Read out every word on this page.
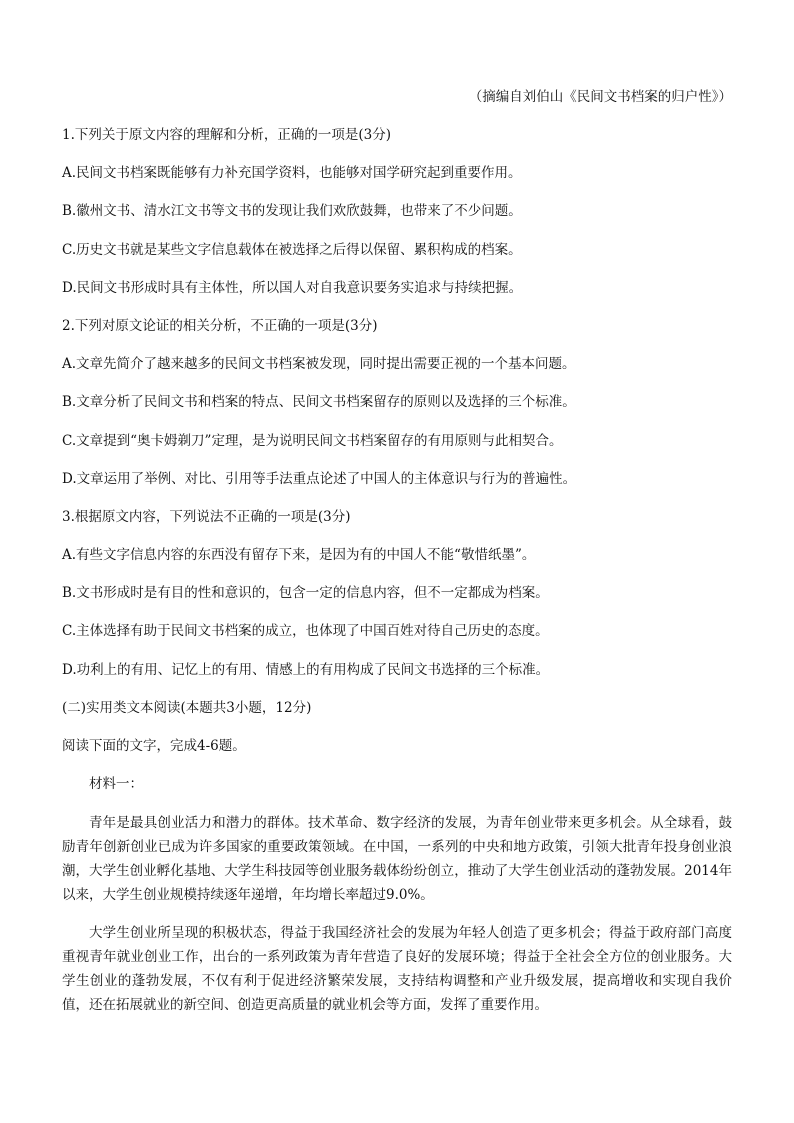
（摘编自刘伯山《民间文书档案的归户性》）

1.下列关于原文内容的理解和分析，正确的一项是(3分)

A.民间文书档案既能够有力补充国学资料，也能够对国学研究起到重要作用。

B.徽州文书、清水江文书等文书的发现让我们欢欣鼓舞，也带来了不少问题。

C.历史文书就是某些文字信息载体在被选择之后得以保留、累积构成的档案。

D.民间文书形成时具有主体性，所以国人对自我意识要务实追求与持续把握。

2.下列对原文论证的相关分析，不正确的一项是(3分)

A.文章先简介了越来越多的民间文书档案被发现，同时提出需要正视的一个基本问题。

B.文章分析了民间文书和档案的特点、民间文书档案留存的原则以及选择的三个标准。

C.文章提到“奥卡姆剃刀”定理，是为说明民间文书档案留存的有用原则与此相契合。

D.文章运用了举例、对比、引用等手法重点论述了中国人的主体意识与行为的普遍性。

3.根据原文内容，下列说法不正确的一项是(3分)

A.有些文字信息内容的东西没有留存下来，是因为有的中国人不能“敬惜纸墨”。

B.文书形成时是有目的性和意识的，包含一定的信息内容，但不一定都成为档案。

C.主体选择有助于民间文书档案的成立，也体现了中国百姓对待自己历史的态度。

D.功利上的有用、记忆上的有用、情感上的有用构成了民间文书选择的三个标准。

(二)实用类文本阅读(本题共3小题，12分)

阅读下面的文字，完成4-6题。

材料一：

青年是最具创业活力和潜力的群体。技术革命、数字经济的发展，为青年创业带来更多机会。从全球看，鼓励青年创新创业已成为许多国家的重要政策领域。在中国，一系列的中央和地方政策，引领大批青年投身创业浪潮，大学生创业孵化基地、大学生科技园等创业服务载体纷纷创立，推动了大学生创业活动的蓬勃发展。2014年以来，大学生创业规模持续逐年递增，年均增长率超过9.0%。

大学生创业所呈现的积极状态，得益于我国经济社会的发展为年轻人创造了更多机会；得益于政府部门高度重视青年就业创业工作，出台的一系列政策为青年营造了良好的发展环境；得益于全社会全方位的创业服务。大学生创业的蓬勃发展，不仅有利于促进经济繁荣发展，支持结构调整和产业升级发展，提高增收和实现自我价值，还在拓展就业的新空间、创造更高质量的就业机会等方面，发挥了重要作用。
